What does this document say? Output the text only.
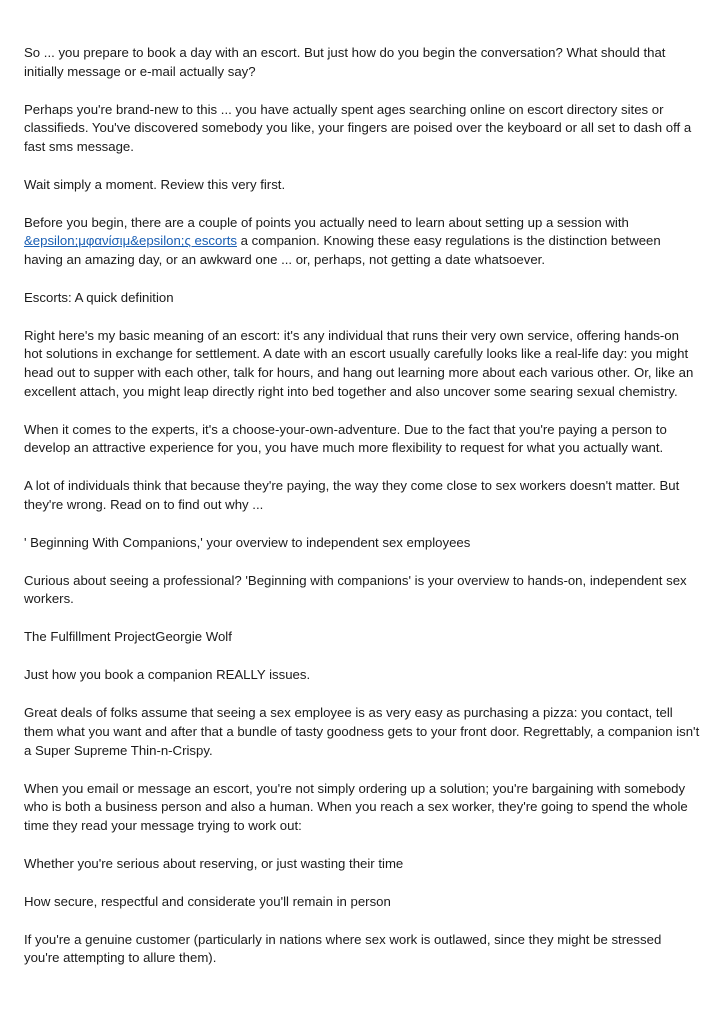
So ... you prepare to book a day with an escort. But just how do you begin the conversation? What should that initially message or e-mail actually say?

Perhaps you're brand-new to this ... you have actually spent ages searching online on escort directory sites or classifieds. You've discovered somebody you like, your fingers are poised over the keyboard or all set to dash off a fast sms message.

Wait simply a moment. Review this very first.

Before you begin, there are a couple of points you actually need to learn about setting up a session with &epsilon;μφανίσιμ&epsilon;ς escorts a companion. Knowing these easy regulations is the distinction between having an amazing day, or an awkward one ... or, perhaps, not getting a date whatsoever.

Escorts: A quick definition

Right here's my basic meaning of an escort: it's any individual that runs their very own service, offering hands-on hot solutions in exchange for settlement. A date with an escort usually carefully looks like a real-life day: you might head out to supper with each other, talk for hours, and hang out learning more about each various other. Or, like an excellent attach, you might leap directly right into bed together and also uncover some searing sexual chemistry.

When it comes to the experts, it's a choose-your-own-adventure. Due to the fact that you're paying a person to develop an attractive experience for you, you have much more flexibility to request for what you actually want.

A lot of individuals think that because they're paying, the way they come close to sex workers doesn't matter. But they're wrong. Read on to find out why ...

' Beginning With Companions,' your overview to independent sex employees

Curious about seeing a professional? 'Beginning with companions' is your overview to hands-on, independent sex workers.

The Fulfillment ProjectGeorgie Wolf

Just how you book a companion REALLY issues.

Great deals of folks assume that seeing a sex employee is as very easy as purchasing a pizza: you contact, tell them what you want and after that a bundle of tasty goodness gets to your front door. Regrettably, a companion isn't a Super Supreme Thin-n-Crispy.

When you email or message an escort, you're not simply ordering up a solution; you're bargaining with somebody who is both a business person and also a human. When you reach a sex worker, they're going to spend the whole time they read your message trying to work out:

Whether you're serious about reserving, or just wasting their time

How secure, respectful and considerate you'll remain in person

If you're a genuine customer (particularly in nations where sex work is outlawed, since they might be stressed you're attempting to allure them).
